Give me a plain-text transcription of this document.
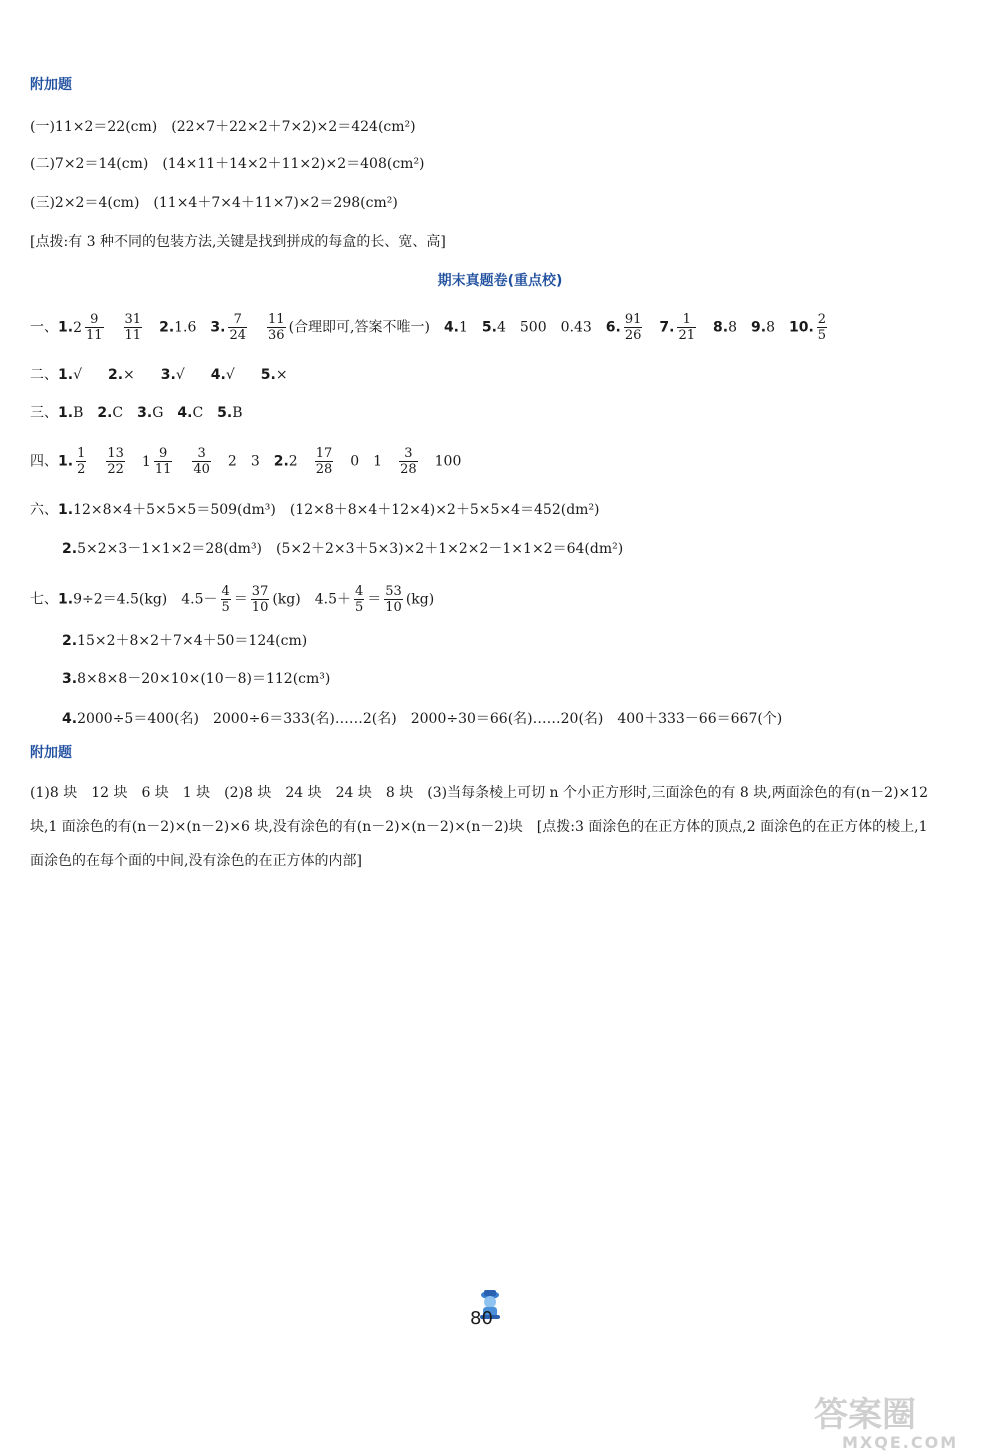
附加题
(一)11×2＝22(cm)　(22×7＋22×2＋7×2)×2＝424(cm²)
(二)7×2＝14(cm)　(14×11＋14×2＋11×2)×2＝408(cm²)
(三)2×2＝4(cm)　(11×4＋7×4＋11×7)×2＝298(cm²)
[点拨:有 3 种不同的包装方法,关键是找到拼成的每盒的长、宽、高]
期末真题卷(重点校)
一、1. $2 \frac{9}{11} \frac{31}{11} 2.1.6$ 3. $\frac{7}{24} \frac{11}{36}$ (合理即可,答案不唯一) 4.1 5.4　500　0.43 6. $\frac{91}{26} 7$. $\frac{1}{21} 8.8$ 9.8 10. $\frac{2}{5}$
二、1.√ 2.× 3.√ 4.√ 5.×
三、1.B 2.C 3.G 4.C 5.B
四、1. $\frac{1}{2} \frac{13}{22} 1 \frac{9}{11} \frac{3}{40} 2$　3 $2.2 \frac{17}{28} 0$　$1 \frac{3}{28} 100$
六、1.12×8×4＋5×5×5＝509(dm³)　(12×8＋8×4＋12×4)×2＋5×5×4＝452(dm²)
2.5×2×3－1×1×2＝28(dm³)　(5×2＋2×3＋5×3)×2＋1×2×2－1×1×2＝64(dm²)
七、1.9÷2＝4.5(kg)　$4.5- \frac{4}{5} = \frac{37}{10} (kg)$　$4.5+ \frac{4}{5} = \frac{53}{10} (kg)$
2.15×2＋8×2＋7×4＋50＝124(cm)
3.8×8×8－20×10×(10－8)＝112(cm³)
4.2000÷5＝400(名)　2000÷6＝333(名)……2(名)　2000÷30＝66(名)……20(名)　400＋333－66＝667(个)
附加题
(1)8 块　12 块　6 块　1 块　(2)8 块　24 块　24 块　8 块　(3)当每条棱上可切 n 个小正方形时,三面涂色的有 8 块,两面涂色的有(n－2)×12 块,1 面涂色的有(n－2)×(n－2)×6 块,没有涂色的有(n－2)×(n－2)×(n－2)块　[点拨:3 面涂色的在正方体的顶点,2 面涂色的在正方体的棱上,1 面涂色的在每个面的中间,没有涂色的在正方体的内部]
80
答案圈
MXQE.COM
